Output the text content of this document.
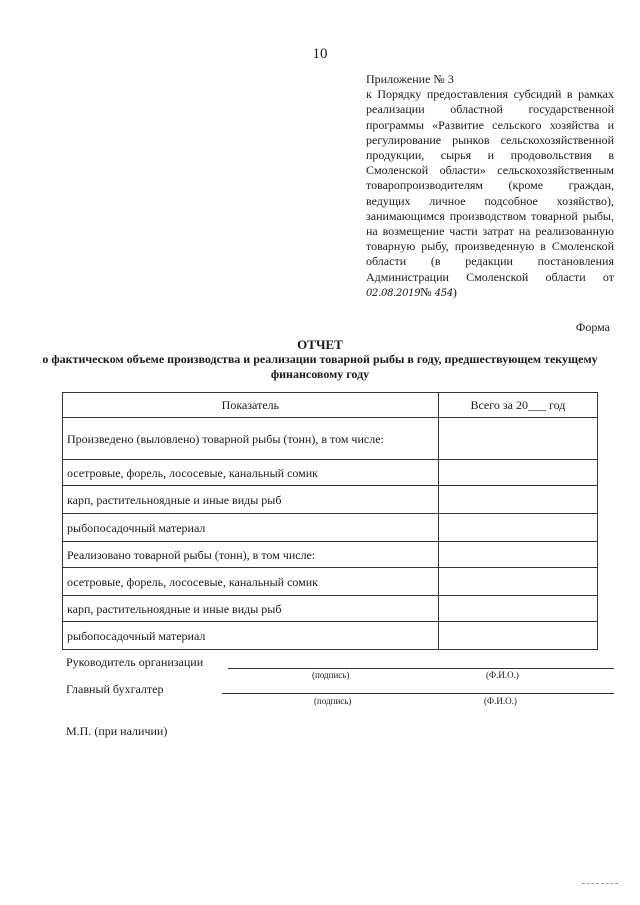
10
Приложение № 3
к Порядку предоставления субсидий в рамках реализации областной государственной программы «Развитие сельского хозяйства и регулирование рынков сельскохозяйственной продукции, сырья и продовольствия в Смоленской области» сельскохозяйственным товаропроизводителям (кроме граждан, ведущих личное подсобное хозяйство), занимающимся производством товарной рыбы, на возмещение части затрат на реализованную товарную рыбу, произведенную в Смоленской области (в редакции постановления Администрации Смоленской области от 02.08.2019№ 454)
Форма
ОТЧЕТ
о фактическом объеме производства и реализации товарной рыбы в году, предшествующем текущему финансовому году
Показатель	Всего за 20___ год
Произведено (выловлено) товарной рыбы (тонн), в том числе:	
осетровые, форель, лососевые, канальный сомик	
карп, растительноядные и иные виды рыб	
рыбопосадочный материал	
Реализовано товарной рыбы (тонн), в том числе:	
осетровые, форель, лососевые, канальный сомик	
карп, растительноядные и иные виды рыб	
рыбопосадочный материал	
Руководитель организации
(подпись)	(Ф.И.О.)
Главный бухгалтер
(подпись)	(Ф.И.О.)
М.П. (при наличии)
